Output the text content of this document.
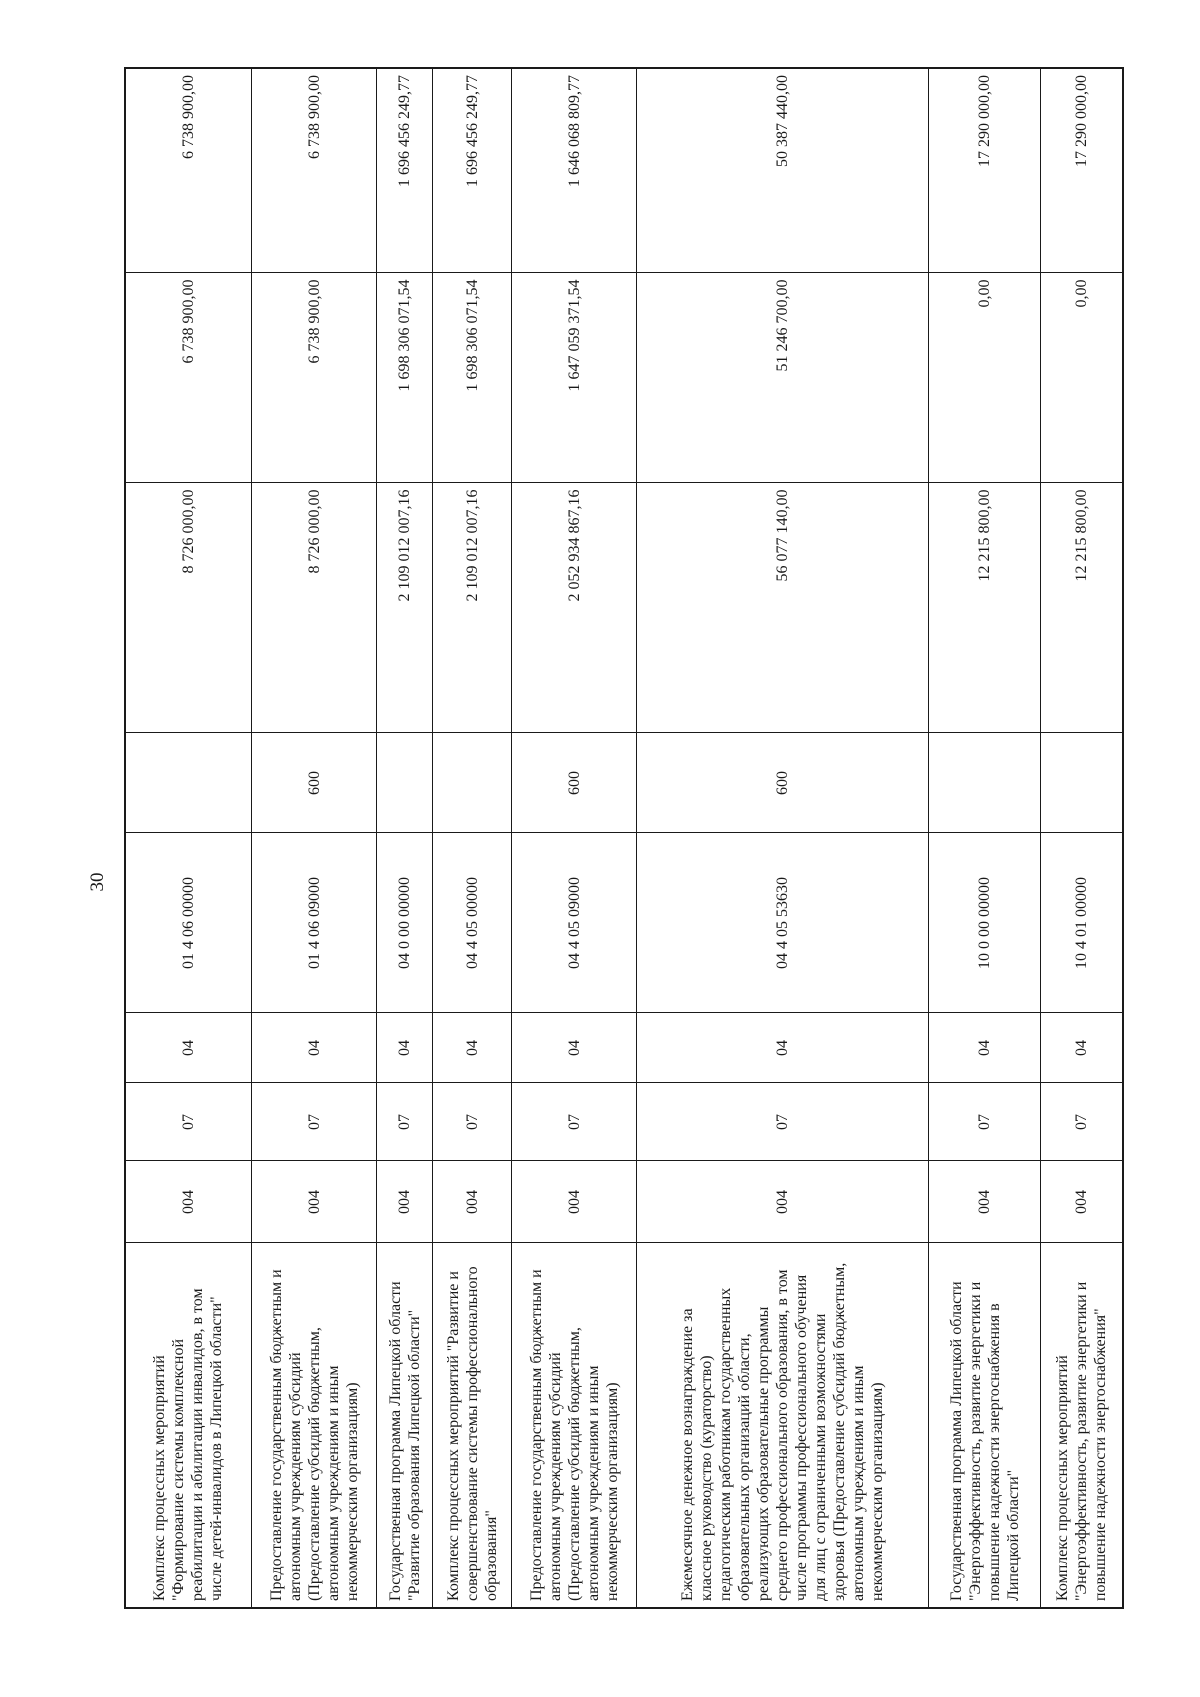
30
Комплекс процессных мероприятий "Формирование системы комплексной реабилитации и абилитации инвалидов, в том числе детей-инвалидов в Липецкой области"	004	07	04	01 4 06 00000		8 726 000,00	6 738 900,00	6 738 900,00
Предоставление государственным бюджетным и автономным учреждениям субсидий (Предоставление субсидий бюджетным, автономным учреждениям и иным некоммерческим организациям)	004	07	04	01 4 06 09000	600	8 726 000,00	6 738 900,00	6 738 900,00
Государственная программа Липецкой области "Развитие образования Липецкой области"	004	07	04	04 0 00 00000		2 109 012 007,16	1 698 306 071,54	1 696 456 249,77
Комплекс процессных мероприятий "Развитие и совершенствование системы профессионального образования"	004	07	04	04 4 05 00000		2 109 012 007,16	1 698 306 071,54	1 696 456 249,77
Предоставление государственным бюджетным и автономным учреждениям субсидий (Предоставление субсидий бюджетным, автономным учреждениям и иным некоммерческим организациям)	004	07	04	04 4 05 09000	600	2 052 934 867,16	1 647 059 371,54	1 646 068 809,77
Ежемесячное денежное вознаграждение за классное руководство (кураторство) педагогическим работникам государственных образовательных организаций области, реализующих образовательные программы среднего профессионального образования, в том числе программы профессионального обучения для лиц с ограниченными возможностями здоровья (Предоставление субсидий бюджетным, автономным учреждениям и иным некоммерческим организациям)	004	07	04	04 4 05 53630	600	56 077 140,00	51 246 700,00	50 387 440,00
Государственная программа Липецкой области "Энергоэффективность, развитие энергетики и повышение надежности энергоснабжения в Липецкой области"	004	07	04	10 0 00 00000		12 215 800,00	0,00	17 290 000,00
Комплекс процессных мероприятий "Энергоэффективность, развитие энергетики и повышение надежности энергоснабжения"	004	07	04	10 4 01 00000		12 215 800,00	0,00	17 290 000,00
